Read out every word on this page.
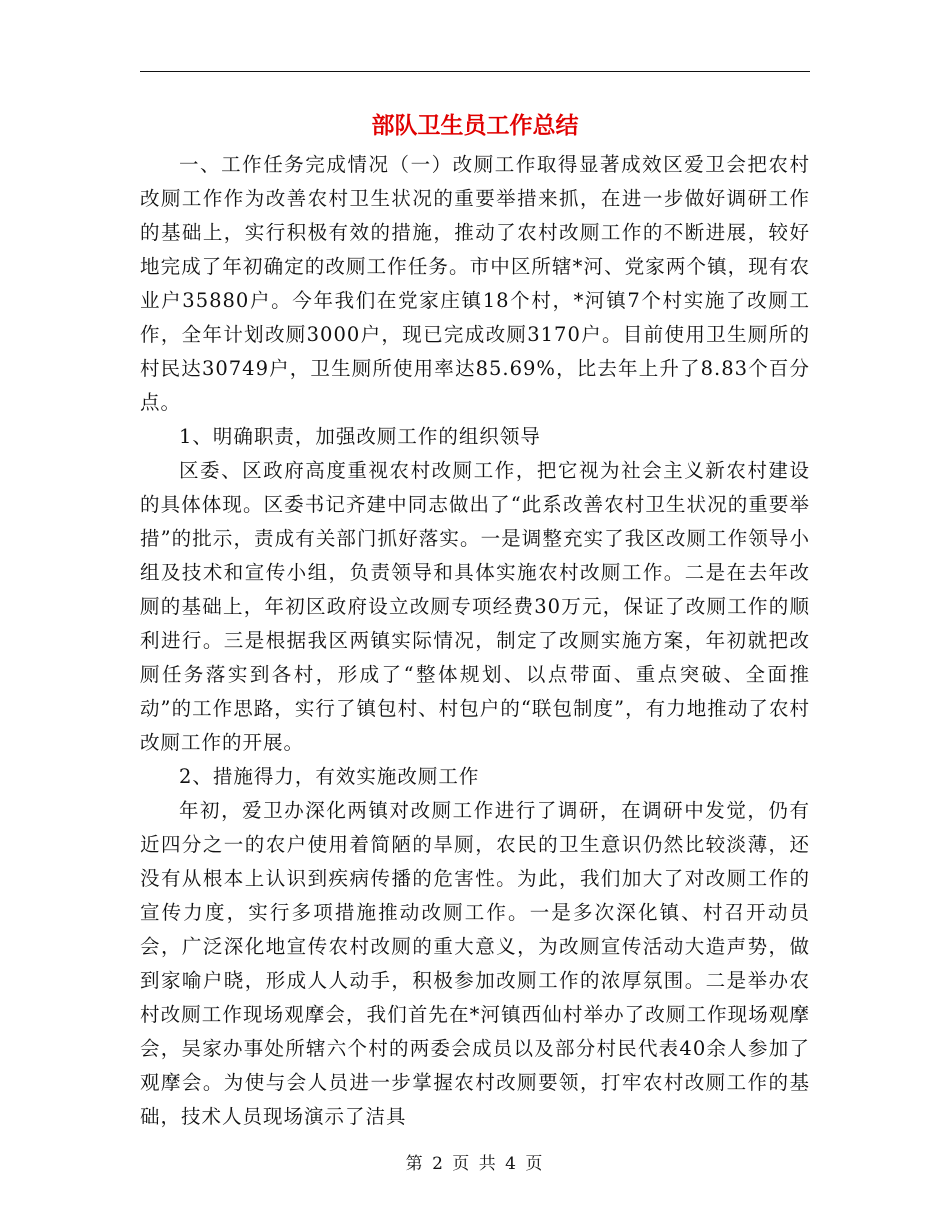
部队卫生员工作总结

一、工作任务完成情况（一）改厕工作取得显著成效区爱卫会把农村改厕工作作为改善农村卫生状况的重要举措来抓，在进一步做好调研工作的基础上，实行积极有效的措施，推动了农村改厕工作的不断进展，较好地完成了年初确定的改厕工作任务。市中区所辖*河、党家两个镇，现有农业户35880户。今年我们在党家庄镇18个村，*河镇7个村实施了改厕工作，全年计划改厕3000户，现已完成改厕3170户。目前使用卫生厕所的村民达30749户，卫生厕所使用率达85.69%，比去年上升了8.83个百分点。

1、明确职责，加强改厕工作的组织领导

区委、区政府高度重视农村改厕工作，把它视为社会主义新农村建设的具体体现。区委书记齐建中同志做出了“此系改善农村卫生状况的重要举措”的批示，责成有关部门抓好落实。一是调整充实了我区改厕工作领导小组及技术和宣传小组，负责领导和具体实施农村改厕工作。二是在去年改厕的基础上，年初区政府设立改厕专项经费30万元，保证了改厕工作的顺利进行。三是根据我区两镇实际情况，制定了改厕实施方案，年初就把改厕任务落实到各村，形成了“整体规划、以点带面、重点突破、全面推动”的工作思路，实行了镇包村、村包户的“联包制度”，有力地推动了农村改厕工作的开展。

2、措施得力，有效实施改厕工作

年初，爱卫办深化两镇对改厕工作进行了调研，在调研中发觉，仍有近四分之一的农户使用着简陋的旱厕，农民的卫生意识仍然比较淡薄，还没有从根本上认识到疾病传播的危害性。为此，我们加大了对改厕工作的宣传力度，实行多项措施推动改厕工作。一是多次深化镇、村召开动员会，广泛深化地宣传农村改厕的重大意义，为改厕宣传活动大造声势，做到家喻户晓，形成人人动手，积极参加改厕工作的浓厚氛围。二是举办农村改厕工作现场观摩会，我们首先在*河镇西仙村举办了改厕工作现场观摩会，吴家办事处所辖六个村的两委会成员以及部分村民代表40余人参加了观摩会。为使与会人员进一步掌握农村改厕要领，打牢农村改厕工作的基础，技术人员现场演示了洁具

第 2 页 共 4 页
